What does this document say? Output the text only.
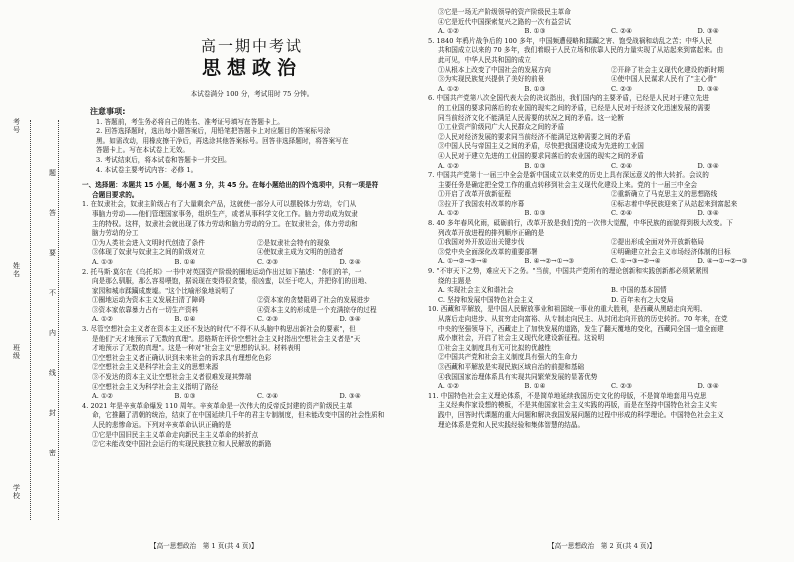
考号
姓名
班级
学校
题
答
要
不
内
线
封
密
高一期中考试
思想政治
本试卷满分 100 分，考试用时 75 分钟。
注意事项:
1. 答题前，考生务必将自己的姓名、准考证号填写在答题卡上。
2. 回答选择题时，选出每小题答案后，用铅笔把答题卡上对应题目的答案标号涂
黑。如需改动，用橡皮擦干净后，再选涂其他答案标号。回答非选择题时，将答案写在
答题卡上。写在本试卷上无效。
3. 考试结束后，将本试卷和答题卡一并交回。
4. 本试卷主要考试内容：必修 1。
一、选择题：本题共 15 小题，每小题 3 分，共 45 分。在每小题给出的四个选项中，只有一项是符
合题目要求的。
1. 在奴隶社会，奴隶主阶级占有了大量剩余产品，这就使一部分人可以摆脱体力劳动，专门从
事脑力劳动——他们管理国家事务，组织生产，或者从事科学文化工作。脑力劳动成为奴隶
主的特权。这样，奴隶社会就出现了体力劳动和脑力劳动的分工。在奴隶社会，体力劳动和
脑力劳动的分工
①为人类社会进入文明时代创造了条件	②是奴隶社会特有的现象
③体现了奴隶与奴隶主之间的阶级对立	④使奴隶主成为文明的创造者
A. ①③	B. ①④	C. ②③	D. ②④
2. 托马斯·莫尔在《乌托邦》一书中对英国资产阶级的圈地运动作出过如下描述："你们的羊，一
向是那么驯服，那么容易喂饱，据说现在变得很贪婪，很凶蛮，以至于吃人，并把你们的田地、
家园和城市蹂躏成废墟。"这个比喻形象地说明了
①圈地运动为资本主义发展扫清了障碍	②资本家的贪婪阻碍了社会的发展进步
③资本家依靠暴力占有一切生产资料	④资本主义的形成是一个充满掠夺的过程
A. ①②	B. ①④	C. ②③	D. ③④
3. 尽管空想社会主义者在资本主义还不发达的时代"不得不从头脑中构思出新社会的要素"，但
是他们"天才地预示了无数的真理"。恩格斯在评价空想社会主义时指出空想社会主义者是"天
才地预示了无数的真理"。这是一种对"社会主义"思想的认识。材料表明
①空想社会主义者正确认识到未来社会的诉求具有理想化色彩
②空想社会主义是科学社会主义的思想来源
③不发达的资本主义让空想社会主义者很难发现其弊端
④空想社会主义为科学社会主义指明了路径
A. ①②	B. ①③	C. ②④	D. ③④
4. 2021 年是辛亥革命爆发 110 周年。辛亥革命是一次伟大的反帝反封建的资产阶级民主革
命，它推翻了清朝的统治，结束了在中国延续几千年的君主专制制度，但未能改变中国的社会性质和
人民的悲惨命运。下列对辛亥革命认识正确的是
①它是中国旧民主主义革命走向新民主主义革命的转折点
②它未能改变中国社会运行的实现民族独立和人民解放的新路
③它是一场无产阶级领导的资产阶级民主革命
④它是近代中国探索复兴之路的一次有益尝试
A. ①②	B. ①③	C. ②④	D. ③④
5. 1840 年鸦片战争后的 100 多年，中国频遭侵略和蹂躏之害、饱受战祸和动乱之苦；中华人民
共和国成立以来的 70 多年，我们着眼于人民立场和依靠人民的力量实现了从站起来到富起来。由
此可见，中华人民共和国的成立
①从根本上改变了中国社会的发展方向	②开辟了社会主义现代化建设的新时期
③为实现民族复兴提供了美好的前景	④使中国人民谋求人民有了"主心骨"
A. ①②	B. ①③	C. ②③	D. ③④
6. 中国共产党第八次全国代表大会的决议指出，我们国内的主要矛盾，已经是人民对于建立先进
的工业国的要求同落后的农业国的现实之间的矛盾，已经是人民对于经济文化迅速发展的需要
同当前经济文化不能满足人民需要的状况之间的矛盾。这一论断
①工业资产阶级同广大人民群众之间的矛盾
②人民对经济发展的要求同当前经济不能满足这种需要之间的矛盾
③中国人民与帝国主义之间的矛盾，尽快把我国建设成为先进的工业国
④人民对于建立先进的工业国的要求同落后的农业国的现实之间的矛盾
A. ①②	B. ①③	C. ②④	D. ③④
7. 中国共产党第十一届三中全会是新中国成立以来党的历史上具有深远意义的伟大转折。会议的
主要任务是确定把全党工作的重点转移到社会主义现代化建设上来。党的十一届三中全会
①开启了改革开放新征程	②重新确立了马克思主义的思想路线
③拉开了我国农村改革的序幕	④标志着中华民族迎来了从站起来到富起来
A. ①②	B. ①③	C. ②④	D. ③④
8. 40 多年春风化雨，砥砺前行，改革开放是我们党的一次伟大觉醒，中华民族的面貌得到极大改变。下
列改革开放进程的排列顺序正确的是
①我国对外开放迈出关键步伐	②提出形成全面对外开放新格局
③党中央全面深化改革的重要部署	④明确建立社会主义市场经济体制的目标
A. ①→②→③→④	B. ④→②→①→③	C. ①→③→②→④	D. ④→①→②→③
9. "不审天下之势，难应天下之务。"当前，中国共产党所有的理论创新和实践创新都必须紧紧围
绕的主题是
A. 实现社会主义和谐社会	B. 中国的基本国情
C. 坚持和发展中国特色社会主义	D. 百年未有之大变局
10. 西藏和平解放，是中国人民解放事业和祖国统一事业的重大胜利，是西藏从黑暗走向光明、
从落后走向进步、从贫穷走向富裕、从专制走向民主、从封闭走向开放的历史转折。70 年来，在党
中央的坚强领导下，西藏走上了加快发展的道路，发生了翻天覆地的变化，西藏同全国一道全面建
成小康社会，开启了社会主义现代化建设新征程。这说明
①社会主义制度具有无可比拟的优越性
②中国共产党和社会主义制度具有强大的生命力
③西藏和平解放是实现民族区域自治的前提和基础
④我国国家治理体系具有实现共同繁荣发展的显著优势
A. ①②	B. ①④	C. ②③	D. ③④
11. 中国特色社会主义理论体系，不是简单地延续我国历史文化的母版，不是简单地套用马克思
主义经典作家设想的模板，不是其他国家社会主义实践的再版，而是在坚持中国特色社会主义实
践中，回答时代课题的重大问题和解决我国发展问题的过程中形成的科学理论。中国特色社会主义
理论体系是党和人民实践经验和集体智慧的结晶。
【高一思想政治　第 1 页(共 4 页)】	【高一思想政治　第 2 页(共 4 页)】
